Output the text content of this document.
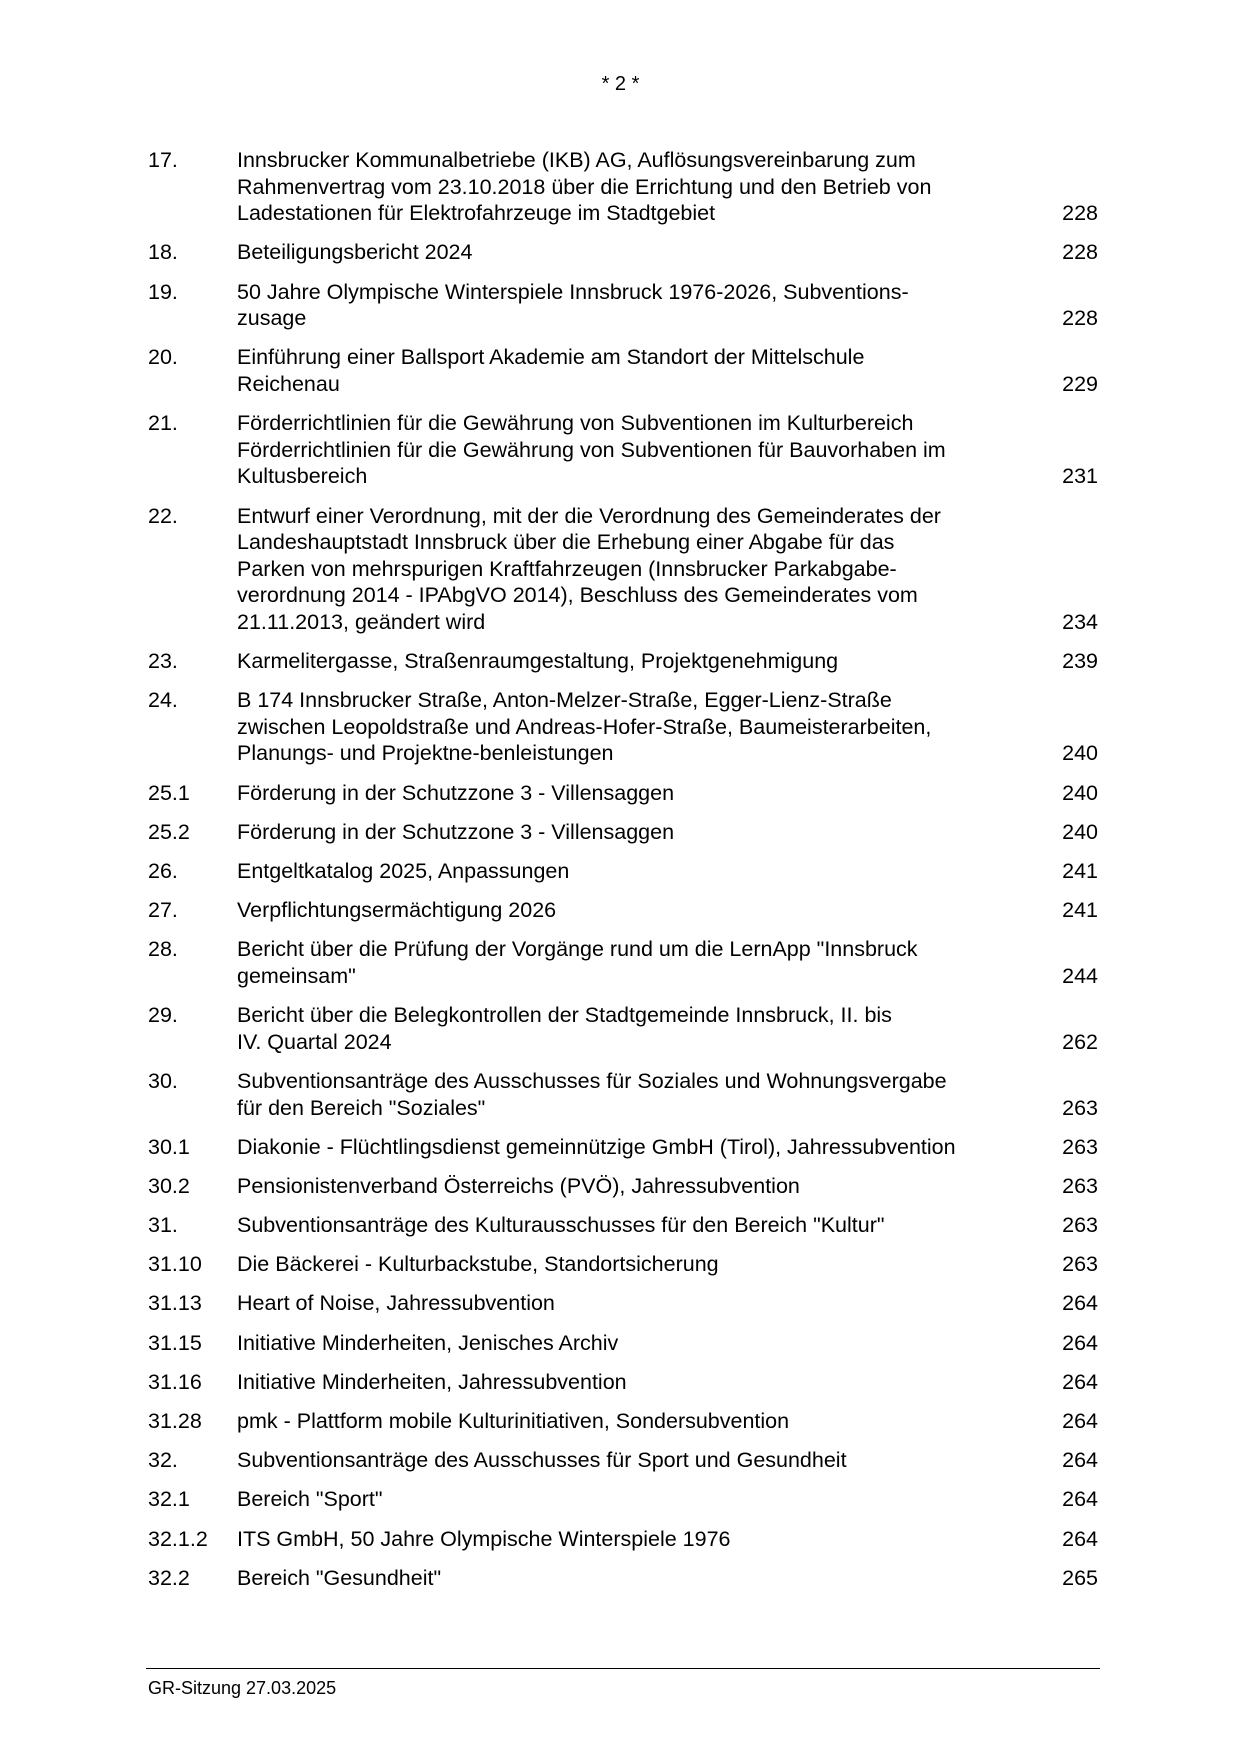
* 2 *
17.	Innsbrucker Kommunalbetriebe (IKB) AG, Auflösungsvereinbarung zum
Rahmenvertrag vom 23.10.2018 über die Errichtung und den Betrieb von
Ladestationen für Elektrofahrzeuge im Stadtgebiet	228
18.	Beteiligungsbericht 2024	228
19.	50 Jahre Olympische Winterspiele Innsbruck 1976-2026, Subventions-
zusage	228
20.	Einführung einer Ballsport Akademie am Standort der Mittelschule
Reichenau	229
21.	Förderrichtlinien für die Gewährung von Subventionen im Kulturbereich
Förderrichtlinien für die Gewährung von Subventionen für Bauvorhaben im
Kultusbereich	231
22.	Entwurf einer Verordnung, mit der die Verordnung des Gemeinderates der
Landeshauptstadt Innsbruck über die Erhebung einer Abgabe für das
Parken von mehrspurigen Kraftfahrzeugen (Innsbrucker Parkabgabe-
verordnung 2014 - IPAbgVO 2014), Beschluss des Gemeinderates vom
21.11.2013, geändert wird	234
23.	Karmelitergasse, Straßenraumgestaltung, Projektgenehmigung	239
24.	B 174 Innsbrucker Straße, Anton-Melzer-Straße, Egger-Lienz-Straße
zwischen Leopoldstraße und Andreas-Hofer-Straße, Baumeisterarbeiten,
Planungs- und Projektne-benleistungen	240
25.1	Förderung in der Schutzzone 3 - Villensaggen	240
25.2	Förderung in der Schutzzone 3 - Villensaggen	240
26.	Entgeltkatalog 2025, Anpassungen	241
27.	Verpflichtungsermächtigung 2026	241
28.	Bericht über die Prüfung der Vorgänge rund um die LernApp "Innsbruck
gemeinsam"	244
29.	Bericht über die Belegkontrollen der Stadtgemeinde Innsbruck, II. bis
IV. Quartal 2024	262
30.	Subventionsanträge des Ausschusses für Soziales und Wohnungsvergabe
für den Bereich "Soziales"	263
30.1	Diakonie - Flüchtlingsdienst gemeinnützige GmbH (Tirol), Jahressubvention	263
30.2	Pensionistenverband Österreichs (PVÖ), Jahressubvention	263
31.	Subventionsanträge des Kulturausschusses für den Bereich "Kultur"	263
31.10	Die Bäckerei - Kulturbackstube, Standortsicherung	263
31.13	Heart of Noise, Jahressubvention	264
31.15	Initiative Minderheiten, Jenisches Archiv	264
31.16	Initiative Minderheiten, Jahressubvention	264
31.28	pmk - Plattform mobile Kulturinitiativen, Sondersubvention	264
32.	Subventionsanträge des Ausschusses für Sport und Gesundheit	264
32.1	Bereich "Sport"	264
32.1.2	ITS GmbH, 50 Jahre Olympische Winterspiele 1976	264
32.2	Bereich "Gesundheit"	265
GR-Sitzung 27.03.2025
